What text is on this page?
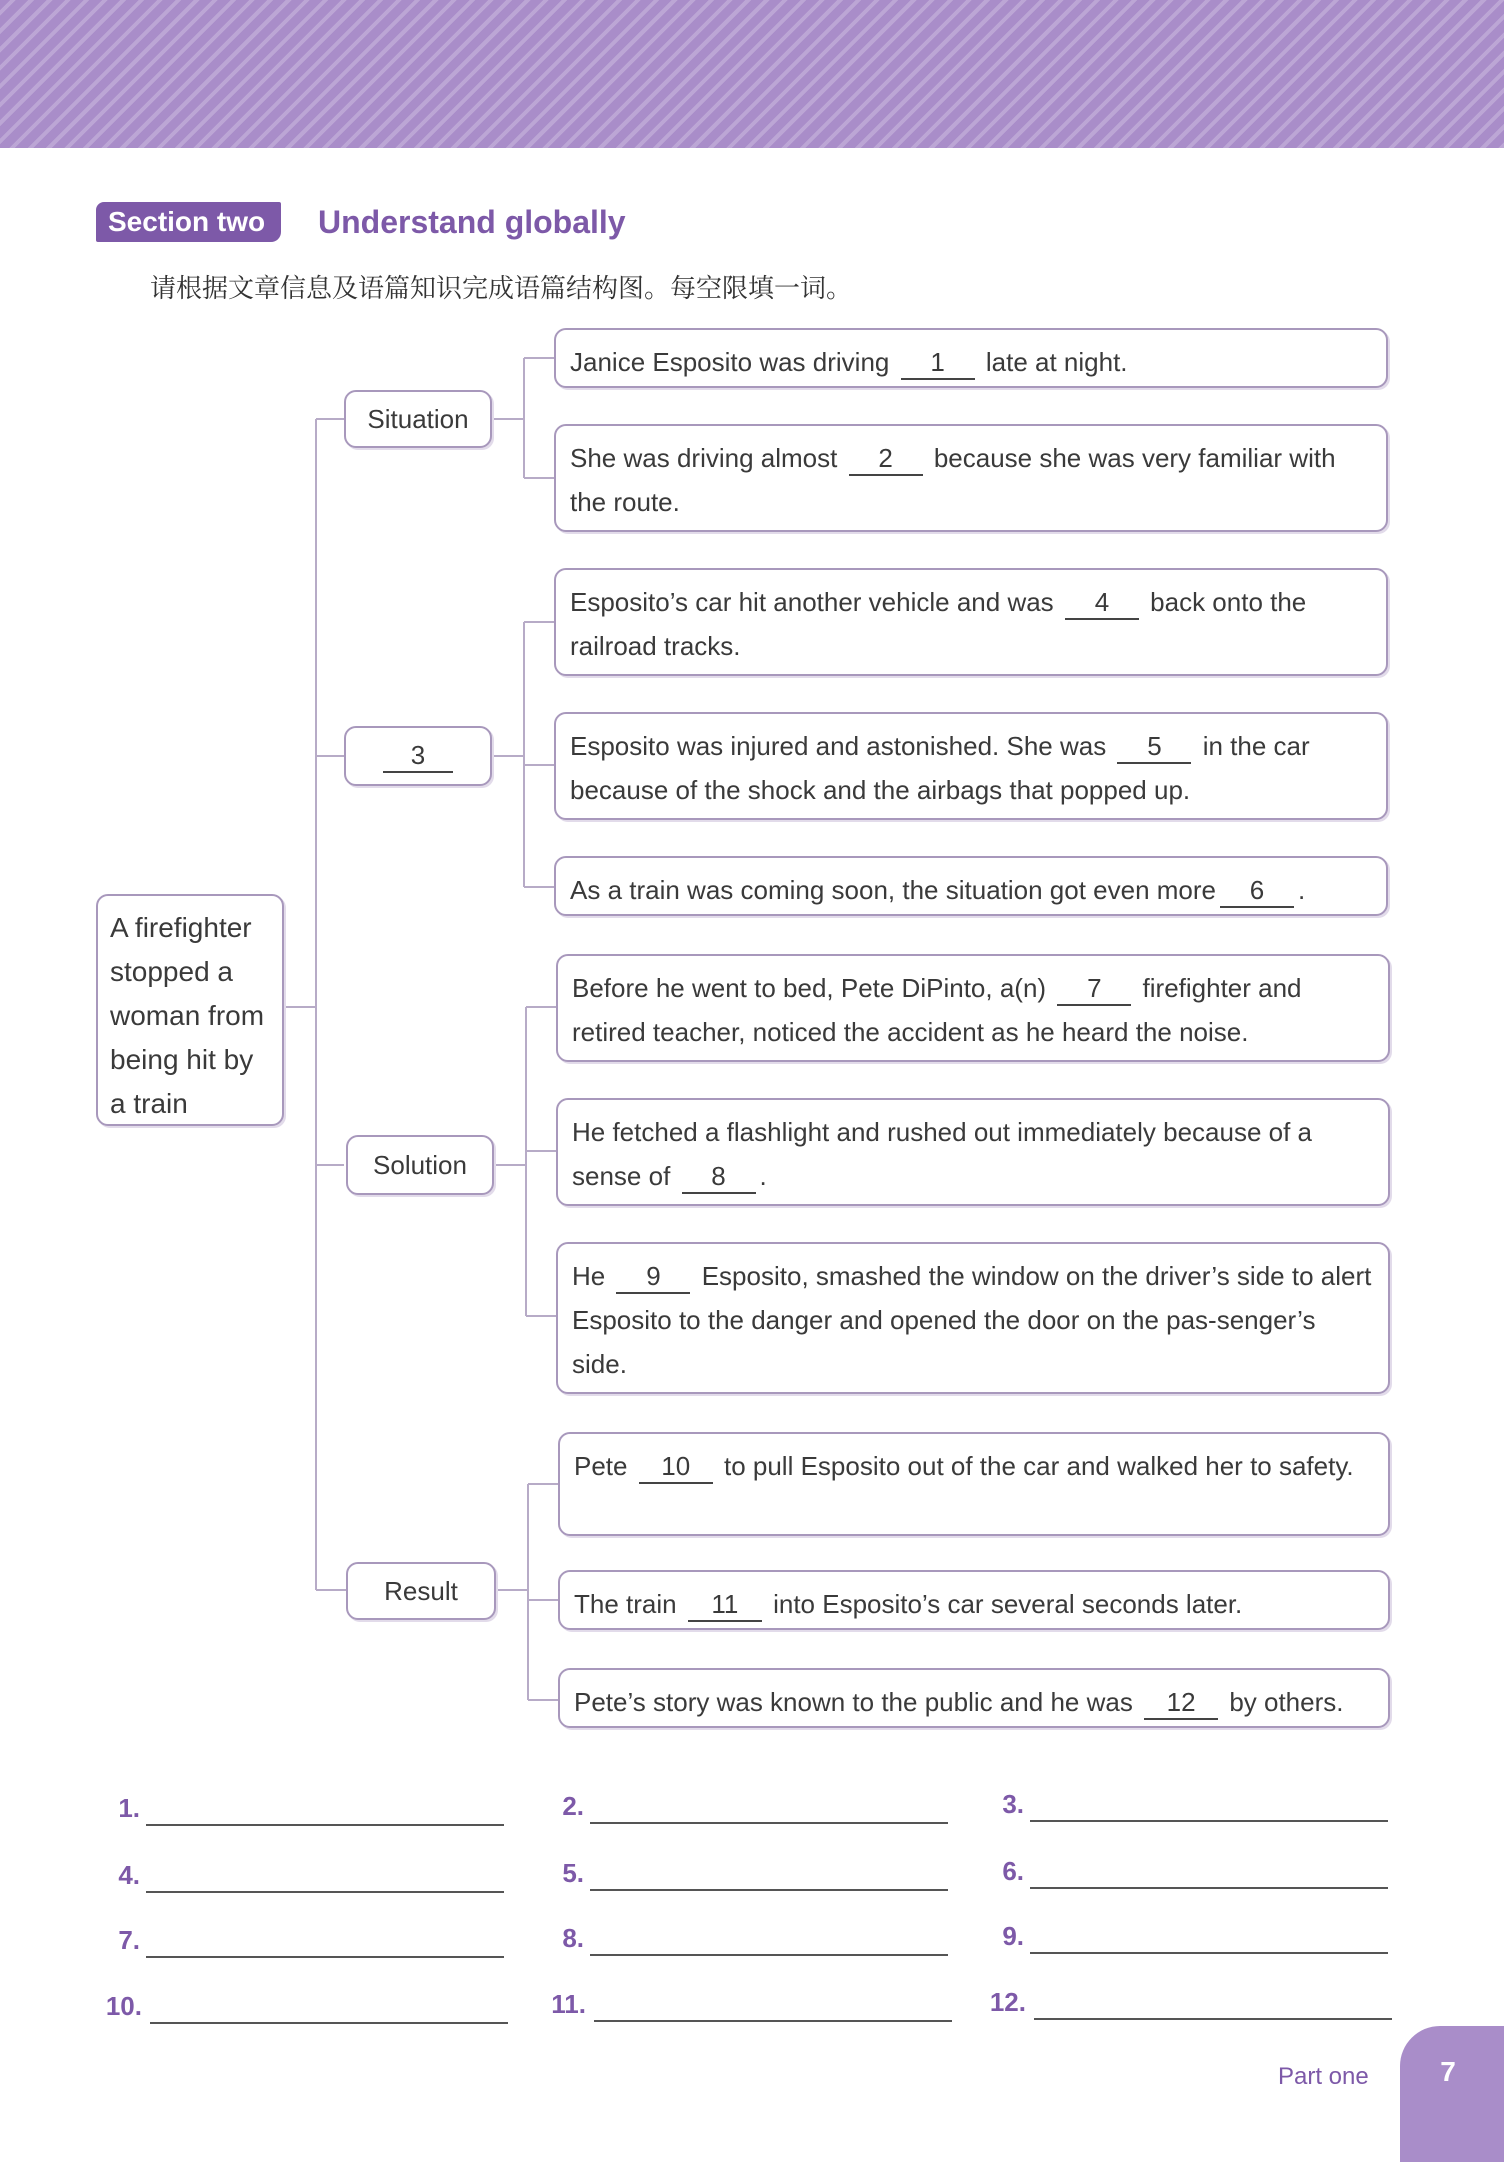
Section two	Understand globally
请根据文章信息及语篇知识完成语篇结构图。每空限填一词。
A firefighter stopped a woman from being hit by a train
Situation
3
Solution
Result
Janice Esposito was driving 1 late at night.
She was driving almost 2 because she was very familiar with the route.
Esposito’s car hit another vehicle and was 4 back onto the railroad tracks.
Esposito was injured and astonished. She was 5 in the car because of the shock and the airbags that popped up.
As a train was coming soon, the situation got even more 6 .
Before he went to bed, Pete DiPinto, a(n) 7 firefighter and retired teacher, noticed the accident as he heard the noise.
He fetched a flashlight and rushed out immediately because of a sense of 8 .
He 9 Esposito, smashed the window on the driver’s side to alert Esposito to the danger and opened the door on the pas-senger’s side.
Pete 10 to pull Esposito out of the car and walked her to safety.
The train 11 into Esposito’s car several seconds later.
Pete’s story was known to the public and he was 12 by others.
1.	2.	3.
4.	5.	6.
7.	8.	9.
10.	11.	12.
Part one	7
